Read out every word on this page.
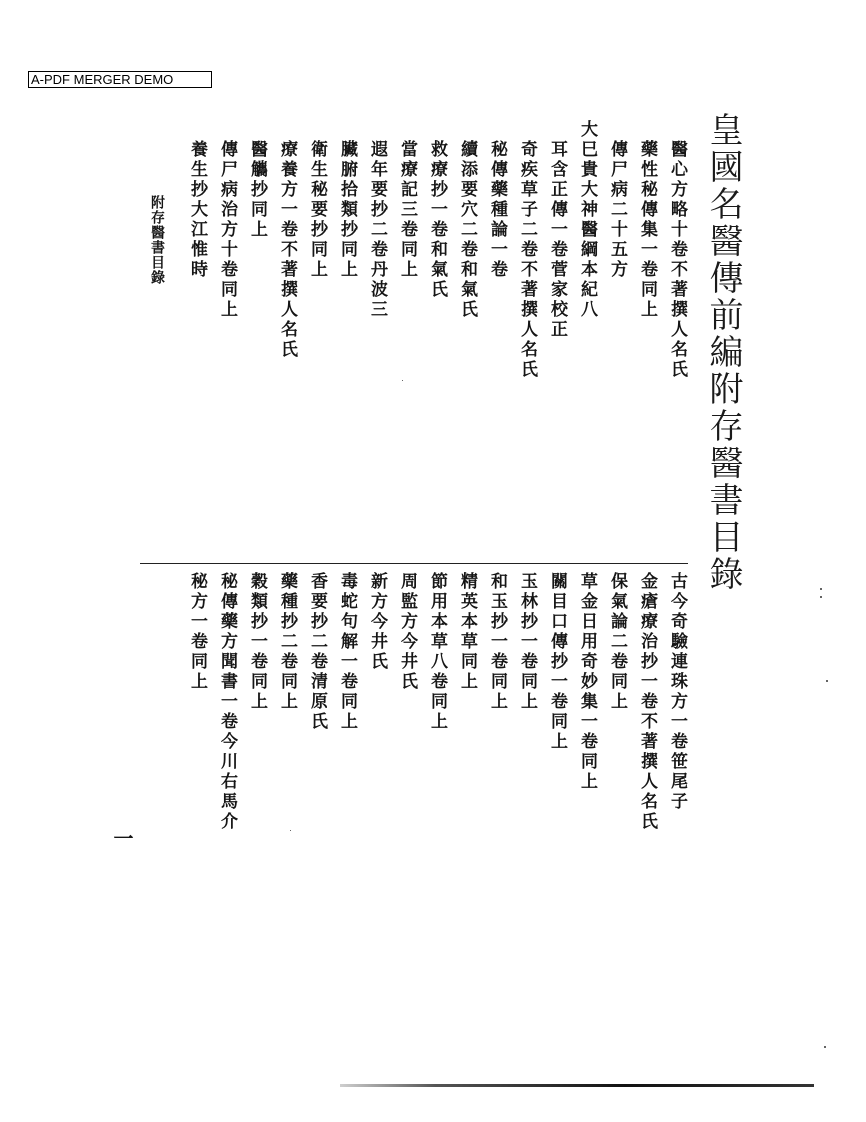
A-PDF MERGER DEMO
皇國名醫傳前編附存醫書目錄
醫心方略十卷不著撰人名氏
藥性秘傳集一卷同上
傳尸病二十五方
大巳貴大神醫綱本紀八
耳含正傳一卷菅家校正
奇疾草子二卷不著撰人名氏
秘傳藥種論一卷
續添要穴二卷和氣氏
救療抄一卷和氣氏
當療記三卷同上
遐年要抄二卷丹波三
臟腑拾類抄同上
衛生秘要抄同上
療養方一卷不著撰人名氏
醫觿抄同上
傳尸病治方十卷同上
養生抄大江惟時
附存醫書目錄
古今奇驗連珠方一卷笹尾子
金瘡療治抄一卷不著撰人名氏
保氣論二卷同上
草金日用奇妙集一卷同上
關目口傳抄一卷同上
玉林抄一卷同上
和玉抄一卷同上
精英本草同上
節用本草八卷同上
周監方今井氏
新方今井氏
毒蛇句解一卷同上
香要抄二卷清原氏
藥種抄二卷同上
穀類抄一卷同上
秘傳藥方聞書一卷今川右馬介
秘方一卷同上
一
